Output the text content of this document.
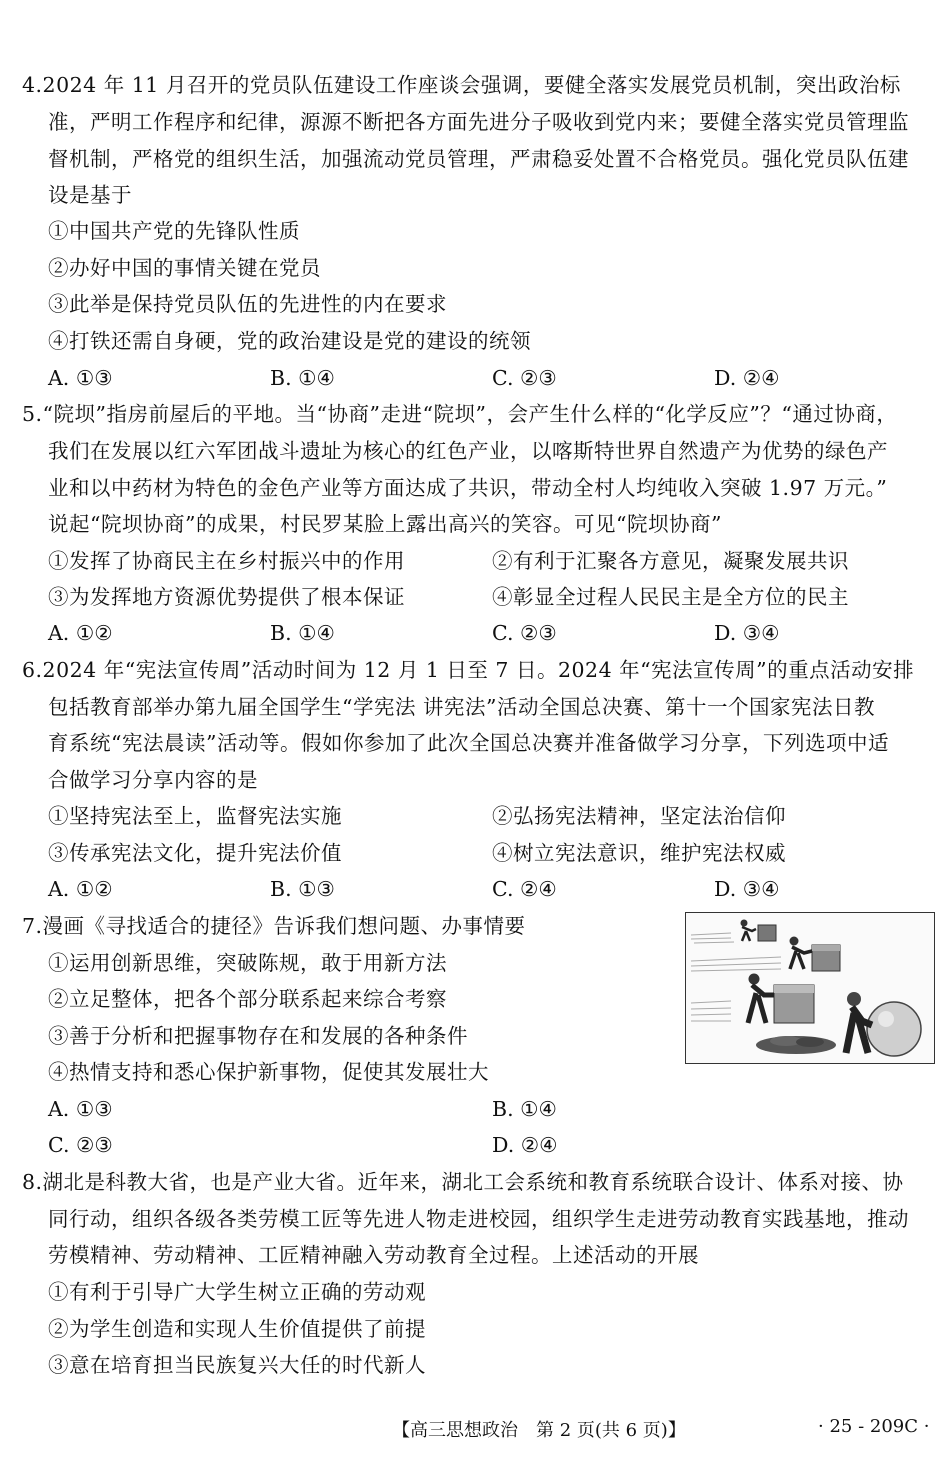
4.2024 年 11 月召开的党员队伍建设工作座谈会强调，要健全落实发展党员机制，突出政治标
准，严明工作程序和纪律，源源不断把各方面先进分子吸收到党内来；要健全落实党员管理监
督机制，严格党的组织生活，加强流动党员管理，严肃稳妥处置不合格党员。强化党员队伍建
设是基于
①中国共产党的先锋队性质
②办好中国的事情关键在党员
③此举是保持党员队伍的先进性的内在要求
④打铁还需自身硬，党的政治建设是党的建设的统领
A. ①③	B. ①④	C. ②③	D. ②④
5.“院坝”指房前屋后的平地。当“协商”走进“院坝”，会产生什么样的“化学反应”？“通过协商，
我们在发展以红六军团战斗遗址为核心的红色产业，以喀斯特世界自然遗产为优势的绿色产
业和以中药材为特色的金色产业等方面达成了共识，带动全村人均纯收入突破 1.97 万元。”
说起“院坝协商”的成果，村民罗某脸上露出高兴的笑容。可见“院坝协商”
①发挥了协商民主在乡村振兴中的作用	②有利于汇聚各方意见，凝聚发展共识
③为发挥地方资源优势提供了根本保证	④彰显全过程人民民主是全方位的民主
A. ①②	B. ①④	C. ②③	D. ③④
6.2024 年“宪法宣传周”活动时间为 12 月 1 日至 7 日。2024 年“宪法宣传周”的重点活动安排
包括教育部举办第九届全国学生“学宪法 讲宪法”活动全国总决赛、第十一个国家宪法日教
育系统“宪法晨读”活动等。假如你参加了此次全国总决赛并准备做学习分享，下列选项中适
合做学习分享内容的是
①坚持宪法至上，监督宪法实施	②弘扬宪法精神，坚定法治信仰
③传承宪法文化，提升宪法价值	④树立宪法意识，维护宪法权威
A. ①②	B. ①③	C. ②④	D. ③④
7.漫画《寻找适合的捷径》告诉我们想问题、办事情要
①运用创新思维，突破陈规，敢于用新方法
②立足整体，把各个部分联系起来综合考察
③善于分析和把握事物存在和发展的各种条件
④热情支持和悉心保护新事物，促使其发展壮大
A. ①③	B. ①④
C. ②③	D. ②④
8.湖北是科教大省，也是产业大省。近年来，湖北工会系统和教育系统联合设计、体系对接、协
同行动，组织各级各类劳模工匠等先进人物走进校园，组织学生走进劳动教育实践基地，推动
劳模精神、劳动精神、工匠精神融入劳动教育全过程。上述活动的开展
①有利于引导广大学生树立正确的劳动观
②为学生创造和实现人生价值提供了前提
③意在培育担当民族复兴大任的时代新人
【高三思想政治　第 2 页(共 6 页)】	· 25 - 209C ·
